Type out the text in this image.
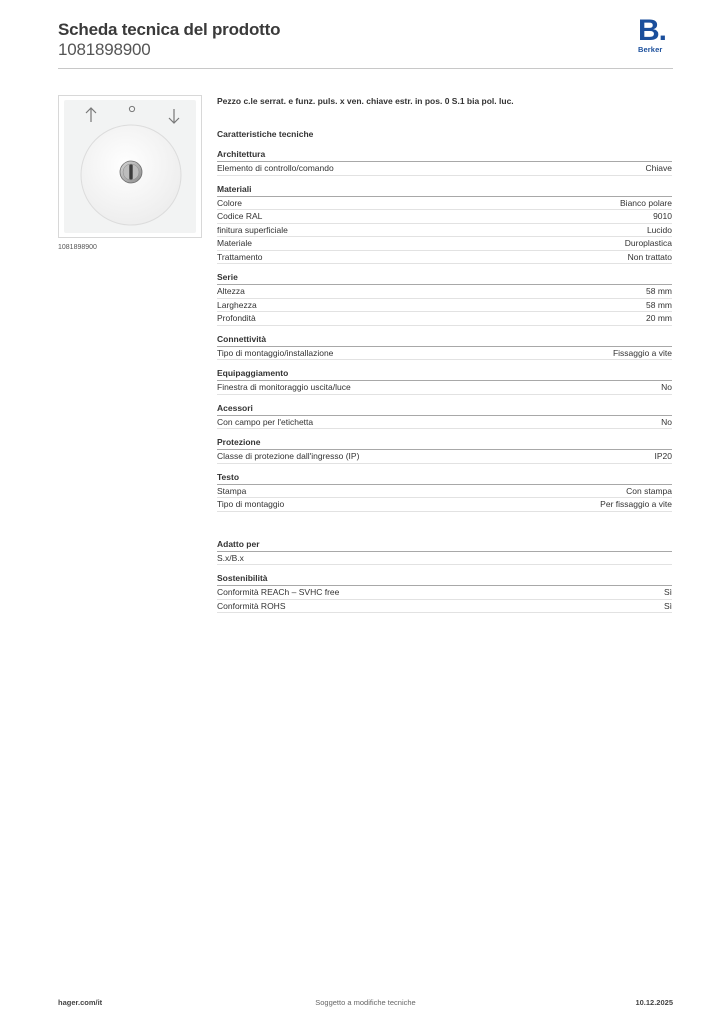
Scheda tecnica del prodotto
1081898900
B.
Berker
1081898900
Pezzo c.le serrat. e funz. puls. x ven. chiave estr. in pos. 0 S.1 bia pol. luc.
Caratteristiche tecniche
Architettura
Elemento di controllo/comando	Chiave
Materiali
Colore	Bianco polare
Codice RAL	9010
finitura superficiale	Lucido
Materiale	Duroplastica
Trattamento	Non trattato
Serie
Altezza	58 mm
Larghezza	58 mm
Profondità	20 mm
Connettività
Tipo di montaggio/installazione	Fissaggio a vite
Equipaggiamento
Finestra di monitoraggio uscita/luce	No
Acessori
Con campo per l'etichetta	No
Protezione
Classe di protezione dall'ingresso (IP)	IP20
Testo
Stampa	Con stampa
Tipo di montaggio	Per fissaggio a vite
Adatto per
S.x/B.x
Sostenibilità
Conformità REACh – SVHC free	Sì
Conformità ROHS	Sì
Soggetto a modifiche tecniche
hager.com/it	10.12.2025
